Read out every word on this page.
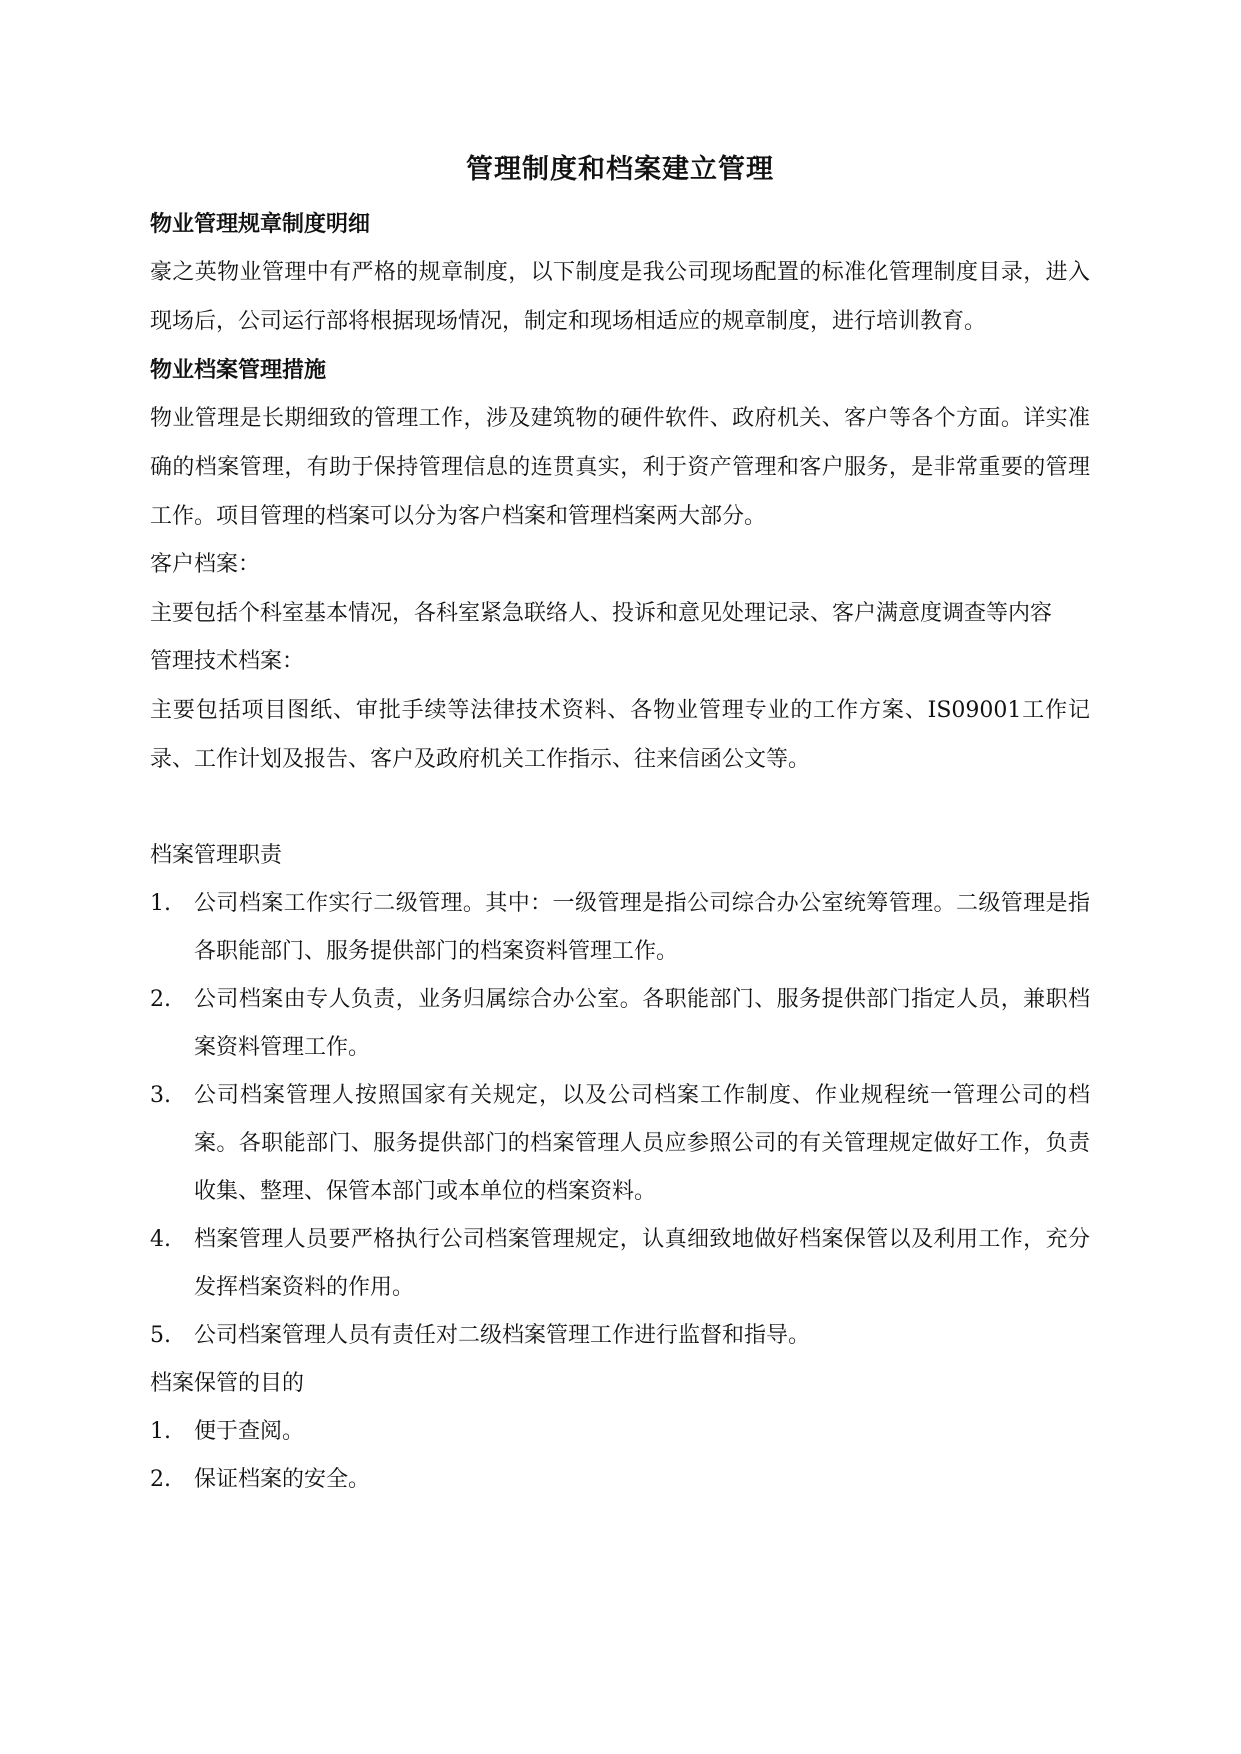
管理制度和档案建立管理
物业管理规章制度明细

豪之英物业管理中有严格的规章制度，以下制度是我公司现场配置的标准化管理制度目录，进入现场后，公司运行部将根据现场情况，制定和现场相适应的规章制度，进行培训教育。

物业档案管理措施

物业管理是长期细致的管理工作，涉及建筑物的硬件软件、政府机关、客户等各个方面。详实准确的档案管理，有助于保持管理信息的连贯真实，利于资产管理和客户服务，是非常重要的管理工作。项目管理的档案可以分为客户档案和管理档案两大部分。

客户档案：

主要包括个科室基本情况，各科室紧急联络人、投诉和意见处理记录、客户满意度调查等内容

管理技术档案：

主要包括项目图纸、审批手续等法律技术资料、各物业管理专业的工作方案、IS09001工作记录、工作计划及报告、客户及政府机关工作指示、往来信函公文等。

档案管理职责

1. 公司档案工作实行二级管理。其中：一级管理是指公司综合办公室统筹管理。二级管理是指各职能部门、服务提供部门的档案资料管理工作。
2. 公司档案由专人负责，业务归属综合办公室。各职能部门、服务提供部门指定人员，兼职档案资料管理工作。
3. 公司档案管理人按照国家有关规定，以及公司档案工作制度、作业规程统一管理公司的档案。各职能部门、服务提供部门的档案管理人员应参照公司的有关管理规定做好工作，负责收集、整理、保管本部门或本单位的档案资料。
4. 档案管理人员要严格执行公司档案管理规定，认真细致地做好档案保管以及利用工作，充分发挥档案资料的作用。
5. 公司档案管理人员有责任对二级档案管理工作进行监督和指导。

档案保管的目的

1. 便于查阅。
2. 保证档案的安全。
